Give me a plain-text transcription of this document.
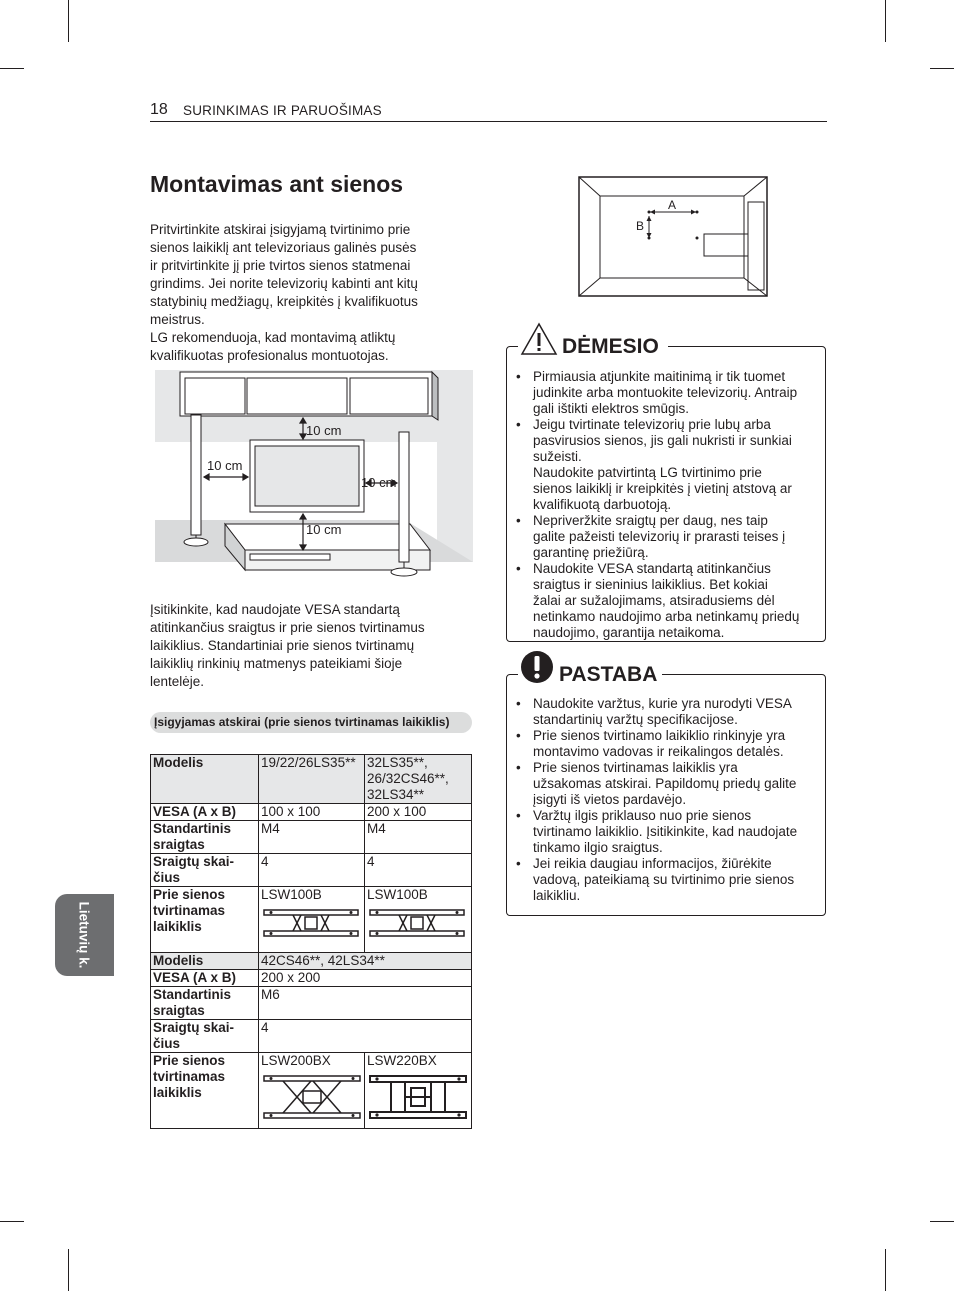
18 SURINKIMAS IR PARUOŠIMAS
Lietuvių k.
Montavimas ant sienos
Pritvirtinkite atskirai įsigyjamą tvirtinimo prie
sienos laikiklį ant televizoriaus galinės pusės
ir pritvirtinkite jį prie tvirtos sienos statmenai
grindims. Jei norite televizorių kabinti ant kitų
statybinių medžiagų, kreipkitės į kvalifikuotus
meistrus.
LG rekomenduoja, kad montavimą atliktų
kvalifikuotas profesionalus montuotojas.
10 cm
10 cm
10 cm
10 cm
Įsitikinkite, kad naudojate VESA standartą
atitinkančius sraigtus ir prie sienos tvirtinamus
laikiklius. Standartiniai prie sienos tvirtinamų
laikiklių rinkinių matmenys pateikiami šioje
lentelėje.
Įsigyjamas atskirai (prie sienos tvirtinamas laikiklis)
Modelis	19/22/26LS35**	32LS35**,
26/32CS46**,
32LS34**

VESA (A x B)	100 x 100	200 x 100

Standartinis
sraigtas	M4	M4

Sraigtų skai-
čius	4	4

Prie sienos
tvirtinamas
laikiklis	LSW100B	LSW100B

Modelis	42CS46**, 42LS34**	
VESA (A x B)	200 x 200	

Standartinis
sraigtas	M6	

Sraigtų skai-
čius	4	

Prie sienos
tvirtinamas
laikiklis	LSW200BX	LSW220BX
A
B
• Pirmiausia atjunkite maitinimą ir tik tuomet
judinkite arba montuokite televizorių. Antraip
gali ištikti elektros smūgis.
• Jeigu tvirtinate televizorių prie lubų arba
pasvirusios sienos, jis gali nukristi ir sunkiai
sužeisti.
Naudokite patvirtintą LG tvirtinimo prie
sienos laikiklį ir kreipkitės į vietinį atstovą ar
kvalifikuotą darbuotoją.
• Nepriveržkite sraigtų per daug, nes taip
galite pažeisti televizorių ir prarasti teises į
garantinę priežiūrą.
• Naudokite VESA standartą atitinkančius
sraigtus ir sieninius laikiklius. Bet kokiai
žalai ar sužalojimams, atsiradusiems dėl
netinkamo naudojimo arba netinkamų priedų
naudojimo, garantija netaikoma.
DĖMESIO
• Naudokite varžtus, kurie yra nurodyti VESA
standartinių varžtų specifikacijose.
• Prie sienos tvirtinamo laikiklio rinkinyje yra
montavimo vadovas ir reikalingos detalės.
• Prie sienos tvirtinamas laikiklis yra
užsakomas atskirai. Papildomų priedų galite
įsigyti iš vietos pardavėjo.
• Varžtų ilgis priklauso nuo prie sienos
tvirtinamo laikiklio. Įsitikinkite, kad naudojate
tinkamo ilgio sraigtus.
• Jei reikia daugiau informacijos, žiūrėkite
vadovą, pateikiamą su tvirtinimo prie sienos
laikikliu.
PASTABA
